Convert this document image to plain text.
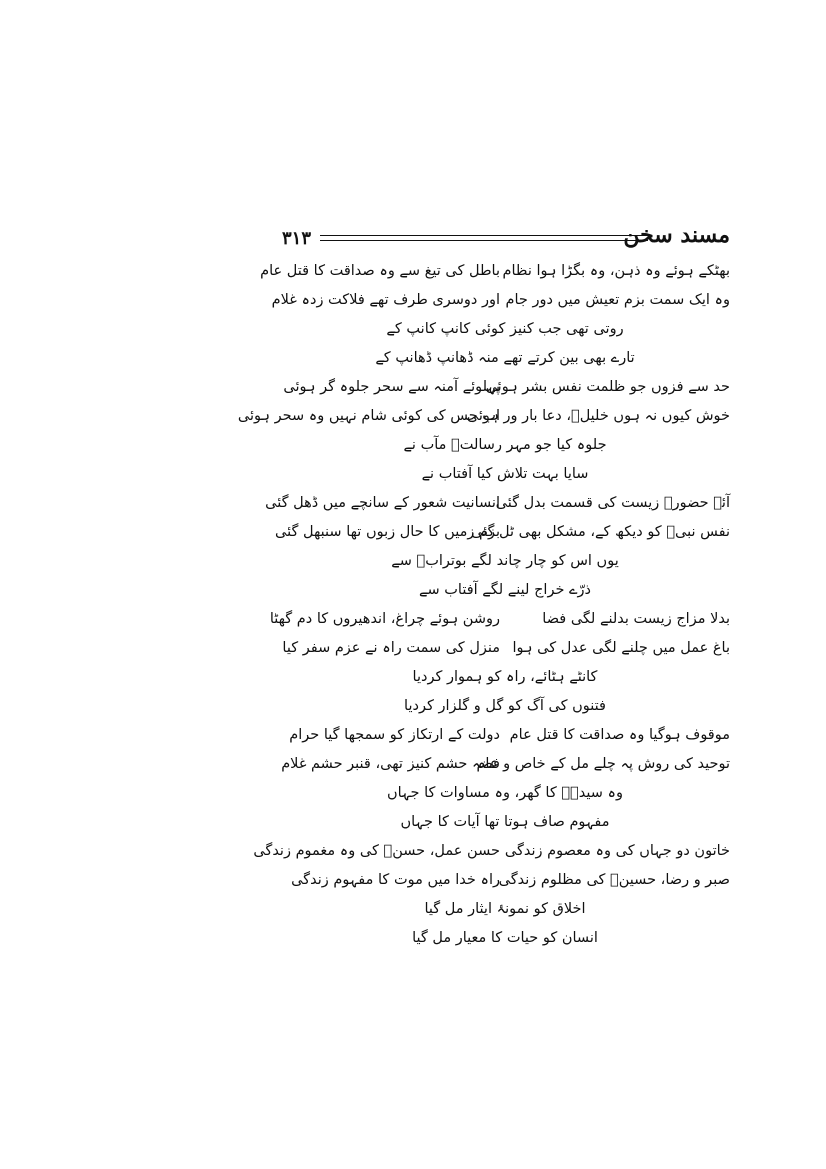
مسند سخن
۳۱۳
بھٹکے ہوئے وہ ذہن، وہ بگڑا ہوا نظام
باطل کی تیغ سے وہ صداقت کا قتل عام
وہ ایک سمت بزم تعیش میں دور جام
اور دوسری طرف تھے فلاکت زدہ غلام
روتی تھی جب کنیز کوئی کانپ کانپ کے
تارے بھی بین کرتے تھے منہ ڈھانپ ڈھانپ کے
حد سے فزوں جو ظلمت نفس بشر ہوئی
پہلوئے آمنہ سے سحر جلوہ گر ہوئی
خوش کیوں نہ ہوں خلیلؑ، دعا بار ور ہوئی
اب جس کی کوئی شام نہیں وہ سحر ہوئی
جلوہ کیا جو مہر رسالتؐ مآب نے
سایا بہت تلاش کیا آفتاب نے
آئے حضورؐ زیست کی قسمت بدل گئی
انسانیت شعور کے سانچے میں ڈھل گئی
نفس نبیؐ کو دیکھ کے، مشکل بھی ٹل گئی
بزم زمیں کا حال زبوں تھا سنبھل گئی
یوں اس کو چار چاند لگے بوترابؑ سے
ذرّے خراج لینے لگے آفتاب سے
بدلا مزاج زیست بدلنے لگی فضا
روشن ہوئے چراغ، اندھیروں کا دم گھٹا
باغ عمل میں چلنے لگی عدل کی ہوا
منزل کی سمت راہ نے عزم سفر کیا
کانٹے ہٹائے، راہ کو ہموار کردیا
فتنوں کی آگ کو گل و گلزار کردیا
موقوف ہوگیا وہ صداقت کا قتل عام
دولت کے ارتکاز کو سمجھا گیا حرام
توحید کی روش پہ چلے مل کے خاص و عام
فضہ حشم کنیز تھی، قنبر حشم غلام
وہ سیدہؑ کا گھر، وہ مساوات کا جہاں
مفہوم صاف ہوتا تھا آیات کا جہاں
خاتون دو جہاں کی وہ معصوم زندگی
حسن عمل، حسنؑ کی وہ مغموم زندگی
صبر و رضا، حسینؑ کی مظلوم زندگی
راہ خدا میں موت کا مفہوم زندگی
اخلاق کو نمونۂ ایثار مل گیا
انسان کو حیات کا معیار مل گیا
